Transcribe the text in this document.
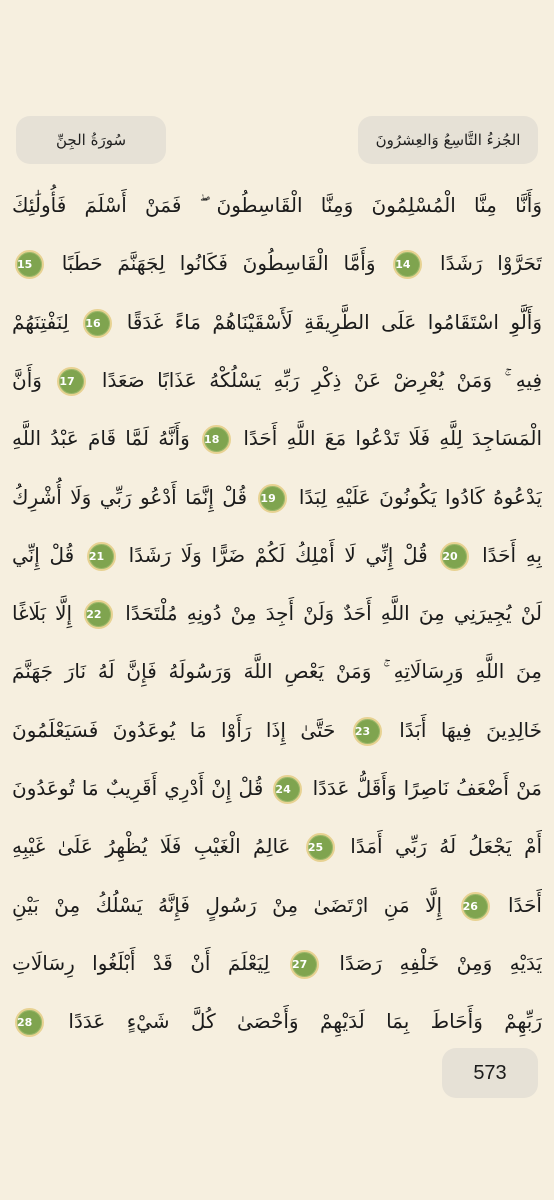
الجُزءُ التَّاسِعُ وَالعِشرُونَ
سُورَةُ الجِنِّ
وَأَنَّا مِنَّا الْمُسْلِمُونَ وَمِنَّا الْقَاسِطُونَ ۖ فَمَنْ أَسْلَمَ فَأُولَٰئِكَ
تَحَرَّوْا رَشَدًا 14 وَأَمَّا الْقَاسِطُونَ فَكَانُوا لِجَهَنَّمَ حَطَبًا 15
وَأَلَّوِ اسْتَقَامُوا عَلَى الطَّرِيقَةِ لَأَسْقَيْنَاهُمْ مَاءً غَدَقًا 16 لِنَفْتِنَهُمْ
فِيهِ ۚ وَمَنْ يُعْرِضْ عَنْ ذِكْرِ رَبِّهِ يَسْلُكْهُ عَذَابًا صَعَدًا 17 وَأَنَّ
الْمَسَاجِدَ لِلَّهِ فَلَا تَدْعُوا مَعَ اللَّهِ أَحَدًا 18 وَأَنَّهُ لَمَّا قَامَ عَبْدُ اللَّهِ
يَدْعُوهُ كَادُوا يَكُونُونَ عَلَيْهِ لِبَدًا 19 قُلْ إِنَّمَا أَدْعُو رَبِّي وَلَا أُشْرِكُ
بِهِ أَحَدًا 20 قُلْ إِنِّي لَا أَمْلِكُ لَكُمْ ضَرًّا وَلَا رَشَدًا 21 قُلْ إِنِّي
لَنْ يُجِيرَنِي مِنَ اللَّهِ أَحَدٌ وَلَنْ أَجِدَ مِنْ دُونِهِ مُلْتَحَدًا 22 إِلَّا بَلَاغًا
مِنَ اللَّهِ وَرِسَالَاتِهِ ۚ وَمَنْ يَعْصِ اللَّهَ وَرَسُولَهُ فَإِنَّ لَهُ نَارَ جَهَنَّمَ
خَالِدِينَ فِيهَا أَبَدًا 23 حَتَّىٰ إِذَا رَأَوْا مَا يُوعَدُونَ فَسَيَعْلَمُونَ
مَنْ أَضْعَفُ نَاصِرًا وَأَقَلُّ عَدَدًا 24 قُلْ إِنْ أَدْرِي أَقَرِيبٌ مَا تُوعَدُونَ
أَمْ يَجْعَلُ لَهُ رَبِّي أَمَدًا 25 عَالِمُ الْغَيْبِ فَلَا يُظْهِرُ عَلَىٰ غَيْبِهِ
أَحَدًا 26 إِلَّا مَنِ ارْتَضَىٰ مِنْ رَسُولٍ فَإِنَّهُ يَسْلُكُ مِنْ بَيْنِ
يَدَيْهِ وَمِنْ خَلْفِهِ رَصَدًا 27 لِيَعْلَمَ أَنْ قَدْ أَبْلَغُوا رِسَالَاتِ
رَبِّهِمْ وَأَحَاطَ بِمَا لَدَيْهِمْ وَأَحْصَىٰ كُلَّ شَيْءٍ عَدَدًا 28
573
